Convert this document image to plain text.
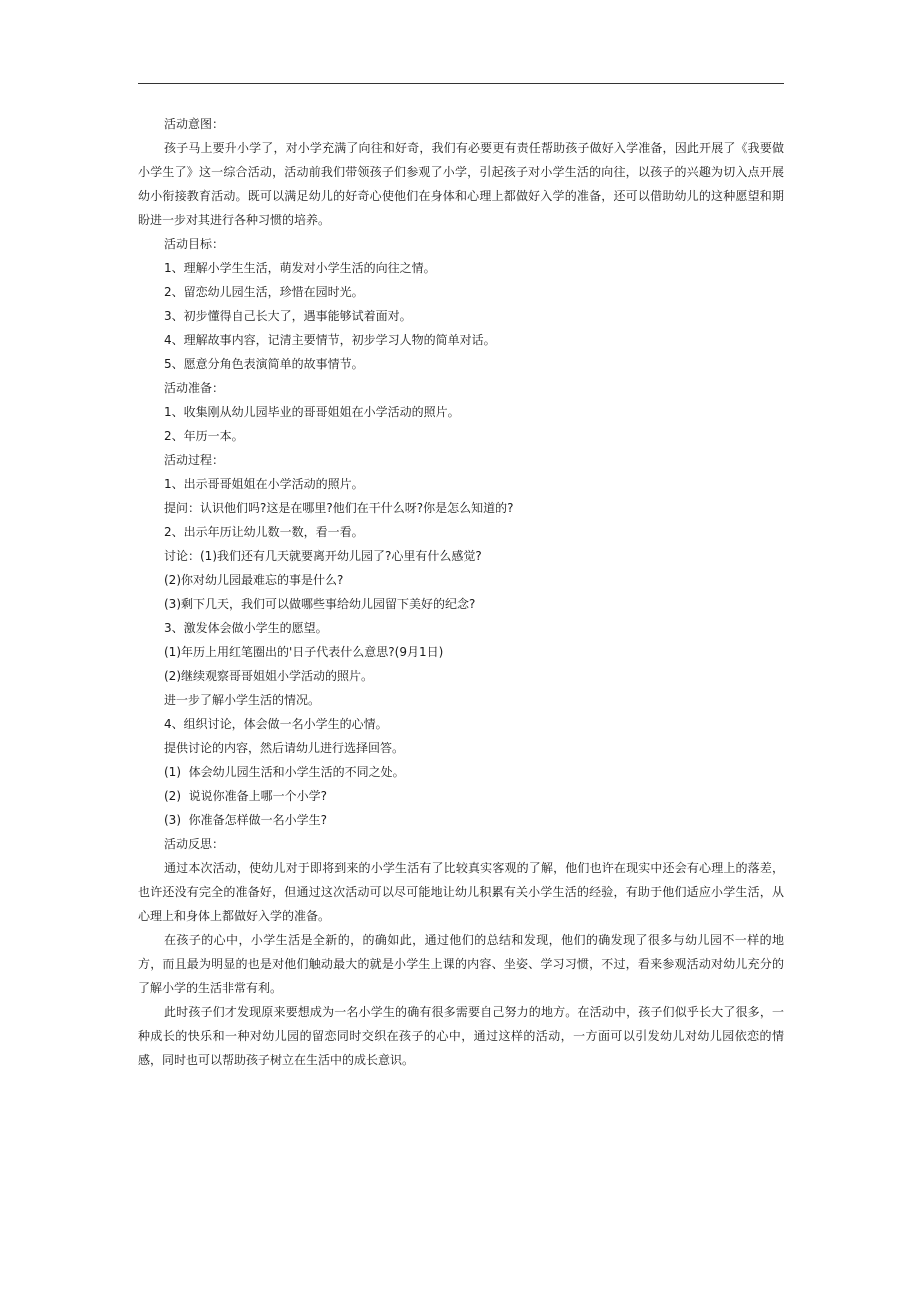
活动意图：

孩子马上要升小学了，对小学充满了向往和好奇，我们有必要更有责任帮助孩子做好入学准备，因此开展了《我要做小学生了》这一综合活动，活动前我们带领孩子们参观了小学，引起孩子对小学生活的向往，以孩子的兴趣为切入点开展幼小衔接教育活动。既可以满足幼儿的好奇心使他们在身体和心理上都做好入学的准备，还可以借助幼儿的这种愿望和期盼进一步对其进行各种习惯的培养。

活动目标：

1、理解小学生生活，萌发对小学生活的向往之情。

2、留恋幼儿园生活，珍惜在园时光。

3、初步懂得自己长大了，遇事能够试着面对。

4、理解故事内容，记清主要情节，初步学习人物的简单对话。

5、愿意分角色表演简单的故事情节。

活动准备：

1、收集刚从幼儿园毕业的哥哥姐姐在小学活动的照片。

2、年历一本。

活动过程：

1、出示哥哥姐姐在小学活动的照片。

提问：认识他们吗?这是在哪里?他们在干什么呀?你是怎么知道的?

2、出示年历让幼儿数一数，看一看。

讨论：(1)我们还有几天就要离开幼儿园了?心里有什么感觉?

(2)你对幼儿园最难忘的事是什么?

(3)剩下几天，我们可以做哪些事给幼儿园留下美好的纪念?

3、激发体会做小学生的愿望。

(1)年历上用红笔圈出的'日子代表什么意思?(9月1日)

(2)继续观察哥哥姐姐小学活动的照片。

进一步了解小学生活的情况。

4、组织讨论，体会做一名小学生的心情。

提供讨论的内容，然后请幼儿进行选择回答。

(1)  体会幼儿园生活和小学生活的不同之处。

(2)  说说你准备上哪一个小学?

(3)  你准备怎样做一名小学生?

活动反思：

通过本次活动，使幼儿对于即将到来的小学生活有了比较真实客观的了解，他们也许在现实中还会有心理上的落差，也许还没有完全的准备好，但通过这次活动可以尽可能地让幼儿积累有关小学生活的经验，有助于他们适应小学生活，从心理上和身体上都做好入学的准备。

在孩子的心中，小学生活是全新的，的确如此，通过他们的总结和发现，他们的确发现了很多与幼儿园不一样的地方，而且最为明显的也是对他们触动最大的就是小学生上课的内容、坐姿、学习习惯，不过，看来参观活动对幼儿充分的了解小学的生活非常有利。

此时孩子们才发现原来要想成为一名小学生的确有很多需要自己努力的地方。在活动中，孩子们似乎长大了很多，一种成长的快乐和一种对幼儿园的留恋同时交织在孩子的心中，通过这样的活动，一方面可以引发幼儿对幼儿园依恋的情感，同时也可以帮助孩子树立在生活中的成长意识。
